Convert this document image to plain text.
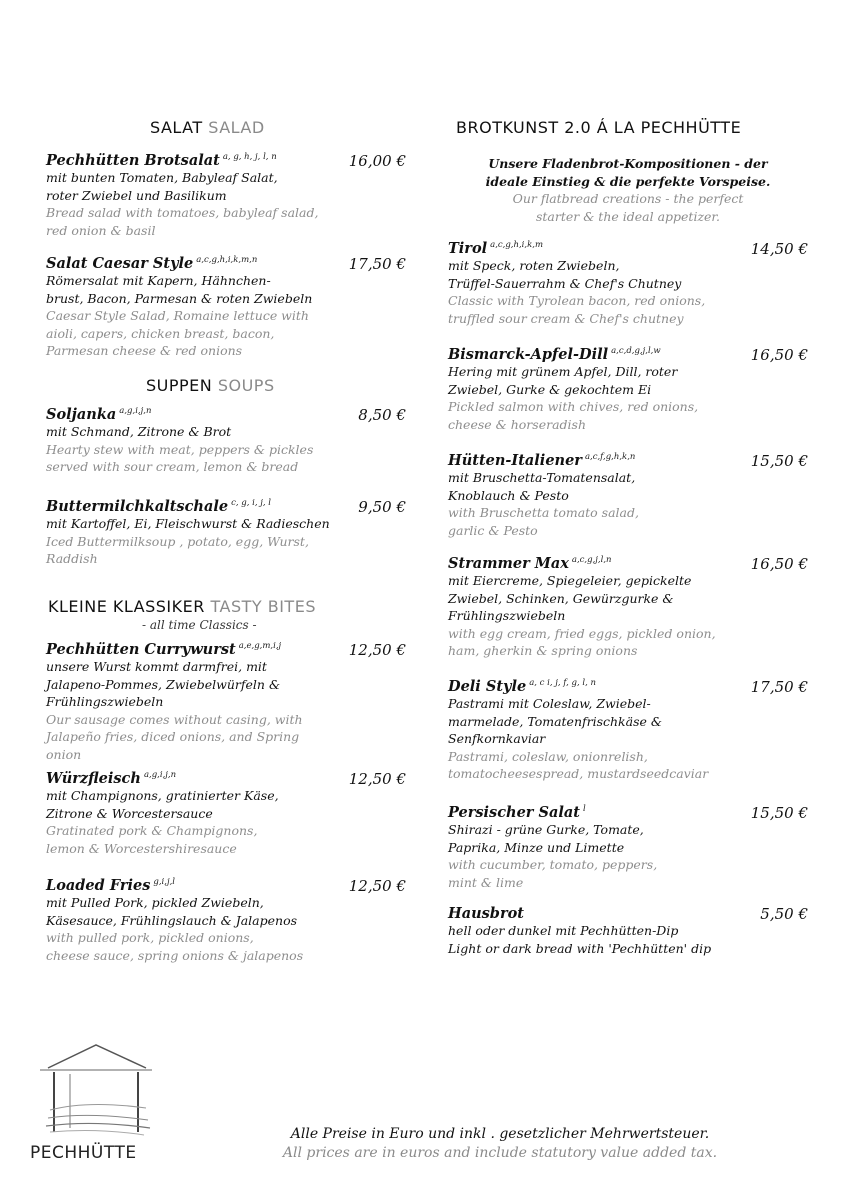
SALAT SALAD
SUPPEN SOUPS
KLEINE KLASSIKER TASTY BITES
- all time Classics -
Pechhütten Brotsalat $^{a, g, h, j, l, n}$	16,00 €
mit bunten Tomaten, Babyleaf Salat,
roter Zwiebel und Basilikum
Bread salad with tomatoes, babyleaf salad,
red onion & basil
Salat Caesar Style $^{a,c,g,h,i,k,m,n}$	17,50 €
Römersalat mit Kapern, Hähnchen-
brust, Bacon, Parmesan & roten Zwiebeln
Caesar Style Salad, Romaine lettuce with
aioli, capers, chicken breast, bacon,
Parmesan cheese & red onions
Soljanka $^{a,g,i,j,n}$	8,50 €
mit Schmand, Zitrone & Brot
Hearty stew with meat, peppers & pickles
served with sour cream, lemon & bread
Buttermilchkaltschale $^{c, g, i, j, l}$	9,50 €
mit Kartoffel, Ei, Fleischwurst & Radieschen
Iced Buttermilksoup , potato, egg, Wurst,
Raddish
Pechhütten Currywurst $^{a,e,g,m,i,j}$	12,50 €
unsere Wurst kommt darmfrei, mit
Jalapeno-Pommes, Zwiebelwürfeln &
Frühlingszwiebeln
Our sausage comes without casing, with
Jalapeño fries, diced onions, and Spring
onion
Würzfleisch $^{a,g,i,j,n}$	12,50 €
mit Champignons, gratinierter Käse,
Zitrone & Worcestersauce
Gratinated pork & Champignons,
lemon & Worcestershiresauce
Loaded Fries $^{g,i,j,l}$	12,50 €
mit Pulled Pork, pickled Zwiebeln,
Käsesauce, Frühlingslauch & Jalapenos
with pulled pork, pickled onions,
cheese sauce, spring onions & jalapenos
BROTKUNST 2.0 Á LA PECHHÜTTE
Unsere Fladenbrot-Kompositionen - der
ideale Einstieg & die perfekte Vorspeise.
Our flatbread creations - the perfect
starter & the ideal appetizer.
Tirol $^{a,c,g,h,i,k,m}$	14,50 €
mit Speck, roten Zwiebeln,
Trüffel-Sauerrahm & Chef's Chutney
Classic with Tyrolean bacon, red onions,
truffled sour cream & Chef's chutney
Bismarck-Apfel-Dill $^{a,c,d,g,j,l,w}$	16,50 €
Hering mit grünem Apfel, Dill, roter
Zwiebel, Gurke & gekochtem Ei
Pickled salmon with chives, red onions,
cheese & horseradish
Hütten-Italiener $^{a,c,f,g,h,k,n}$	15,50 €
mit Bruschetta-Tomatensalat,
Knoblauch & Pesto
with Bruschetta tomato salad,
garlic & Pesto
Strammer Max $^{a,c,g,j,l,n}$	16,50 €
mit Eiercreme, Spiegeleier, gepickelte
Zwiebel, Schinken, Gewürzgurke &
Frühlingszwiebeln
with egg cream, fried eggs, pickled onion,
ham, gherkin & spring onions
Deli Style $^{a, c i, j, f, g, l, n}$	17,50 €
Pastrami mit Coleslaw, Zwiebel-
marmelade, Tomatenfrischkäse &
Senfkornkaviar
Pastrami, coleslaw, onionrelish,
tomatocheesespread, mustardseedcaviar
Persischer Salat $^l$	15,50 €
Shirazi - grüne Gurke, Tomate,
Paprika, Minze und Limette
with cucumber, tomato, peppers,
mint & lime
Hausbrot	5,50 €
hell oder dunkel mit Pechhütten-Dip
Light or dark bread with 'Pechhütten' dip
Alle Preise in Euro und inkl . gesetzlicher Mehrwertsteuer.
All prices are in euros and include statutory value added tax.
PECHHÜTTE
